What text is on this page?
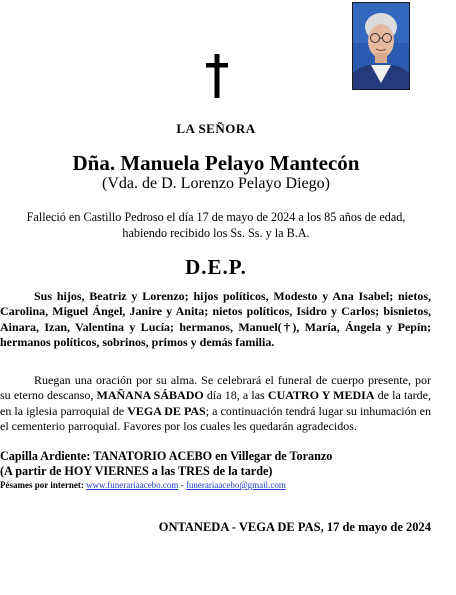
LA SEÑORA
Dña. Manuela Pelayo Mantecón
(Vda. de D. Lorenzo Pelayo Diego)
Falleció en Castillo Pedroso el día 17 de mayo de 2024 a los 85 años de edad,
habiendo recibido los Ss. Ss. y la B.A.
D.E.P.
Sus hijos, Beatriz y Lorenzo; hijos políticos, Modesto y Ana Isabel; nietos, Carolina, Miguel Ángel, Janire y Anita; nietos políticos, Isidro y Carlos; bisnietos, Ainara, Izan, Valentina y Lucía; hermanos, Manuel(†), María, Ángela y Pepín; hermanos políticos, sobrinos, primos y demás familia.
Ruegan una oración por su alma. Se celebrará el funeral de cuerpo presente, por su eterno descanso, MAÑANA SÁBADO día 18, a las CUATRO Y MEDIA de la tarde, en la iglesia parroquial de VEGA DE PAS; a continuación tendrá lugar su inhumación en el cementerio parroquial. Favores por los cuales les quedarán agradecidos.
Capilla Ardiente: TANATORIO ACEBO en Villegar de Toranzo
(A partir de HOY VIERNES a las TRES de la tarde)
Pésames por internet: www.funerariaacebo.com - funerariaacebo@gmail.com
ONTANEDA - VEGA DE PAS, 17 de mayo de 2024
